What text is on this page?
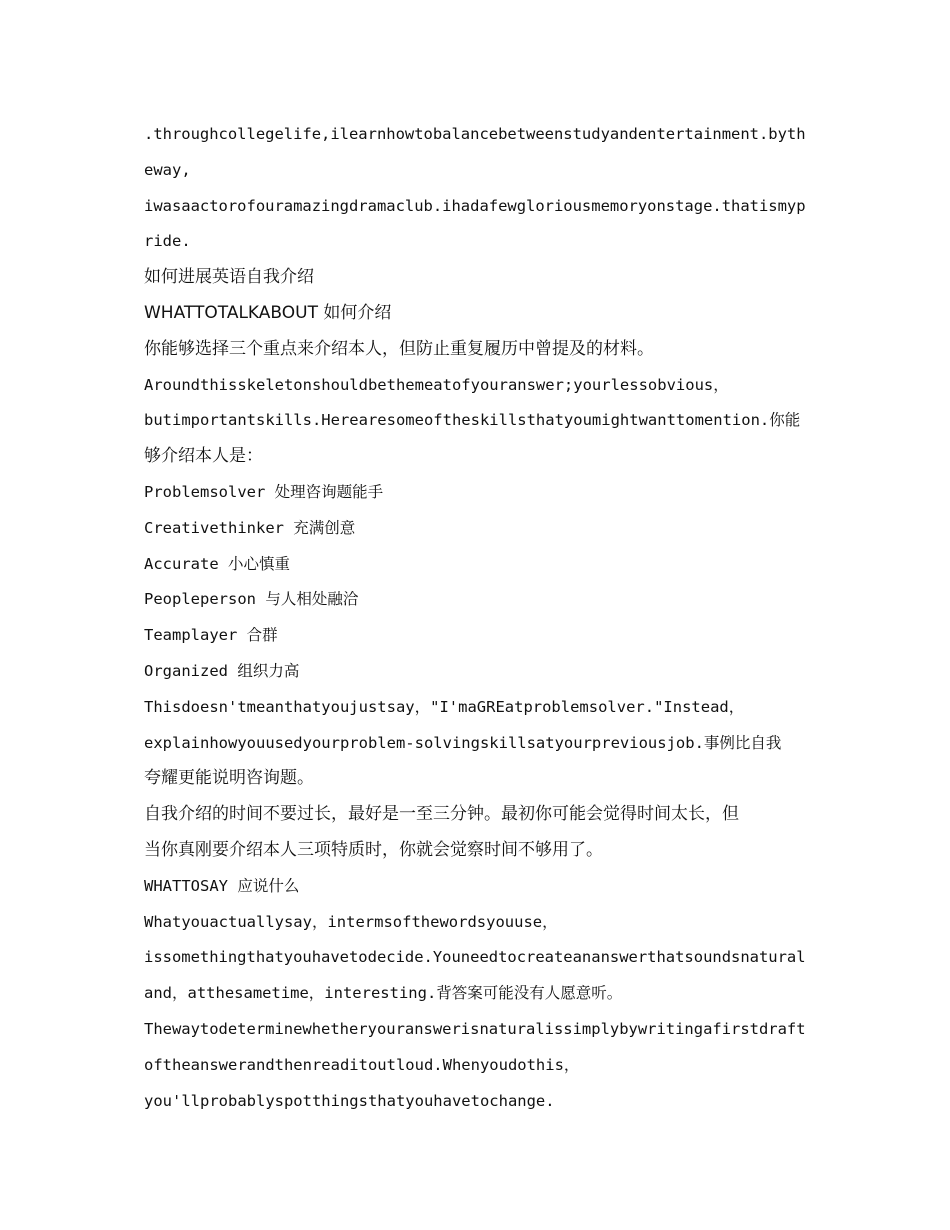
.throughcollegelife,ilearnhowtobalancebetweenstudyandentertainment.byth
eway,
iwasaactorofouramazingdramaclub.ihadafewgloriousmemoryonstage.thatismyp
ride.
如何进展英语自我介绍
WHATTOTALKABOUT 如何介绍
你能够选择三个重点来介绍本人，但防止重复履历中曾提及的材料。
Aroundthisskeletonshouldbethemeatofyouranswer;yourlessobvious，
butimportantskills.Herearesomeoftheskillsthatyoumightwanttomention.你能
够介绍本人是：
Problemsolver 处理咨询题能手
Creativethinker 充满创意
Accurate 小心慎重
Peopleperson 与人相处融洽
Teamplayer 合群
Organized 组织力高
Thisdoesn'tmeanthatyoujustsay，"I'maGREatproblemsolver."Instead，
explainhowyouusedyourproblem-solvingskillsatyourpreviousjob.事例比自我
夸耀更能说明咨询题。
自我介绍的时间不要过长，最好是一至三分钟。最初你可能会觉得时间太长，但
当你真刚要介绍本人三项特质时，你就会觉察时间不够用了。
WHATTOSAY 应说什么
Whatyouactuallysay，intermsofthewordsyouuse，
issomethingthatyouhavetodecide.Youneedtocreateananswerthatsoundsnatural
and，atthesametime，interesting.背答案可能没有人愿意听。
Thewaytodeterminewhetheryouranswerisnaturalissimplybywritingafirstdraft
oftheanswerandthenreaditoutloud.Whenyoudothis，
you'llprobablyspotthingsthatyouhavetochange.
